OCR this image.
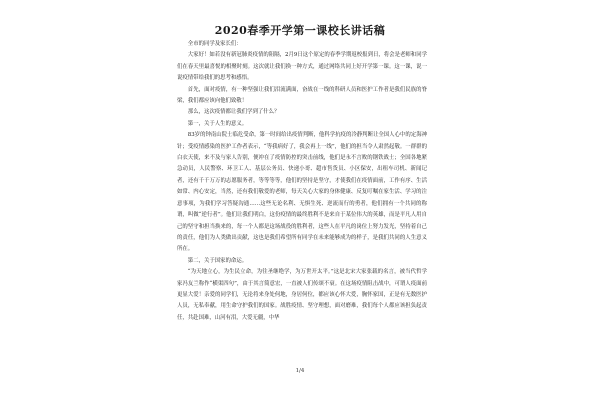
2020春季开学第一课校长讲话稿

全市的同学及家长们：

大家好！如若没有新冠肺炎疫情的阻隔，2月9日这个原定的春季学期返校报到日，将会是老师和同学们在春天里最喜悦的相聚时刻。这次就让我们换一种方式，通过网络共同上好开学第一课。这一课，说一说疫情带给我们的思考和感悟。

首先，面对疫情，有一种坚强让我们泪流满面，奋战在一线的科研人员和医护工作者是我们民族的脊梁，我们都应该向他们致敬！

那么，这次疫情都让我们学到了什么？

第一，关于人生的意义。

83岁的钟南山院士临危受命，第一时间给出疫情判断，他科学抗疫的冷静判断让全国人心中的定海神针；受疫情感染的医护工作者表示，“等我病好了，我会再上一线”，他们的担当令人肃然起敬。一群群的白衣天使，来不及与家人告别，便冲在了疫情防控的突击前线，他们是永不言败的钢铁战士；全国各地紧急动员，人民警察、环卫工人、基层公务员、快递小哥、超市售货员、小区保安，出租车司机、新闻记者，还有千千万万的志愿服务者，等等等等，他们的坚持是坚守，才使我们在疫情面前，工作有序、生活如常、内心安定，当然，还有我们敬爱的老师，每天关心大家的身体健康、反复叮嘱在家生活、学习的注意事项，为我们学习答疑沟通……这些无论名利、无惧生死、逆流而行的勇者，他们拥有一个共同的称谓，叫做“逆行者”。他们让我们明白，这份疫情的最终胜利不是来自于某位伟大的英雄，而是平凡人用自己的坚守和担当换来的，每一个人都是这场战役的胜利者，这些人在平凡的岗位上努力发光，坚持着自己的责任，他们为人类做出贡献，这也是我们希望所有同学在未来能够成为的样子，是我们共同的人生意义所在。

第二，关于国家的命运。

“为天地立心，为生民立命，为往圣继绝学，为万世开太平。”这是北宋大家张载的名言，被当代哲学家冯友兰称作“横渠四句”，由于其言简意宏，一直被人们传颂不衰。在这场疫情阻击战中，可谓人疫面前更显大爱！亲爱的同学们，无论将来身处何地，身居何位，都应该心怀大爱，胸怀家国，正是有无数医护人员，无私奉献，用生命守护我们的国家。战胜疫情、坚守理想，面对磨难，我们每个人都应该担负起责任，共赴国难，山河有泪，大爱无疆，中华

1/4
